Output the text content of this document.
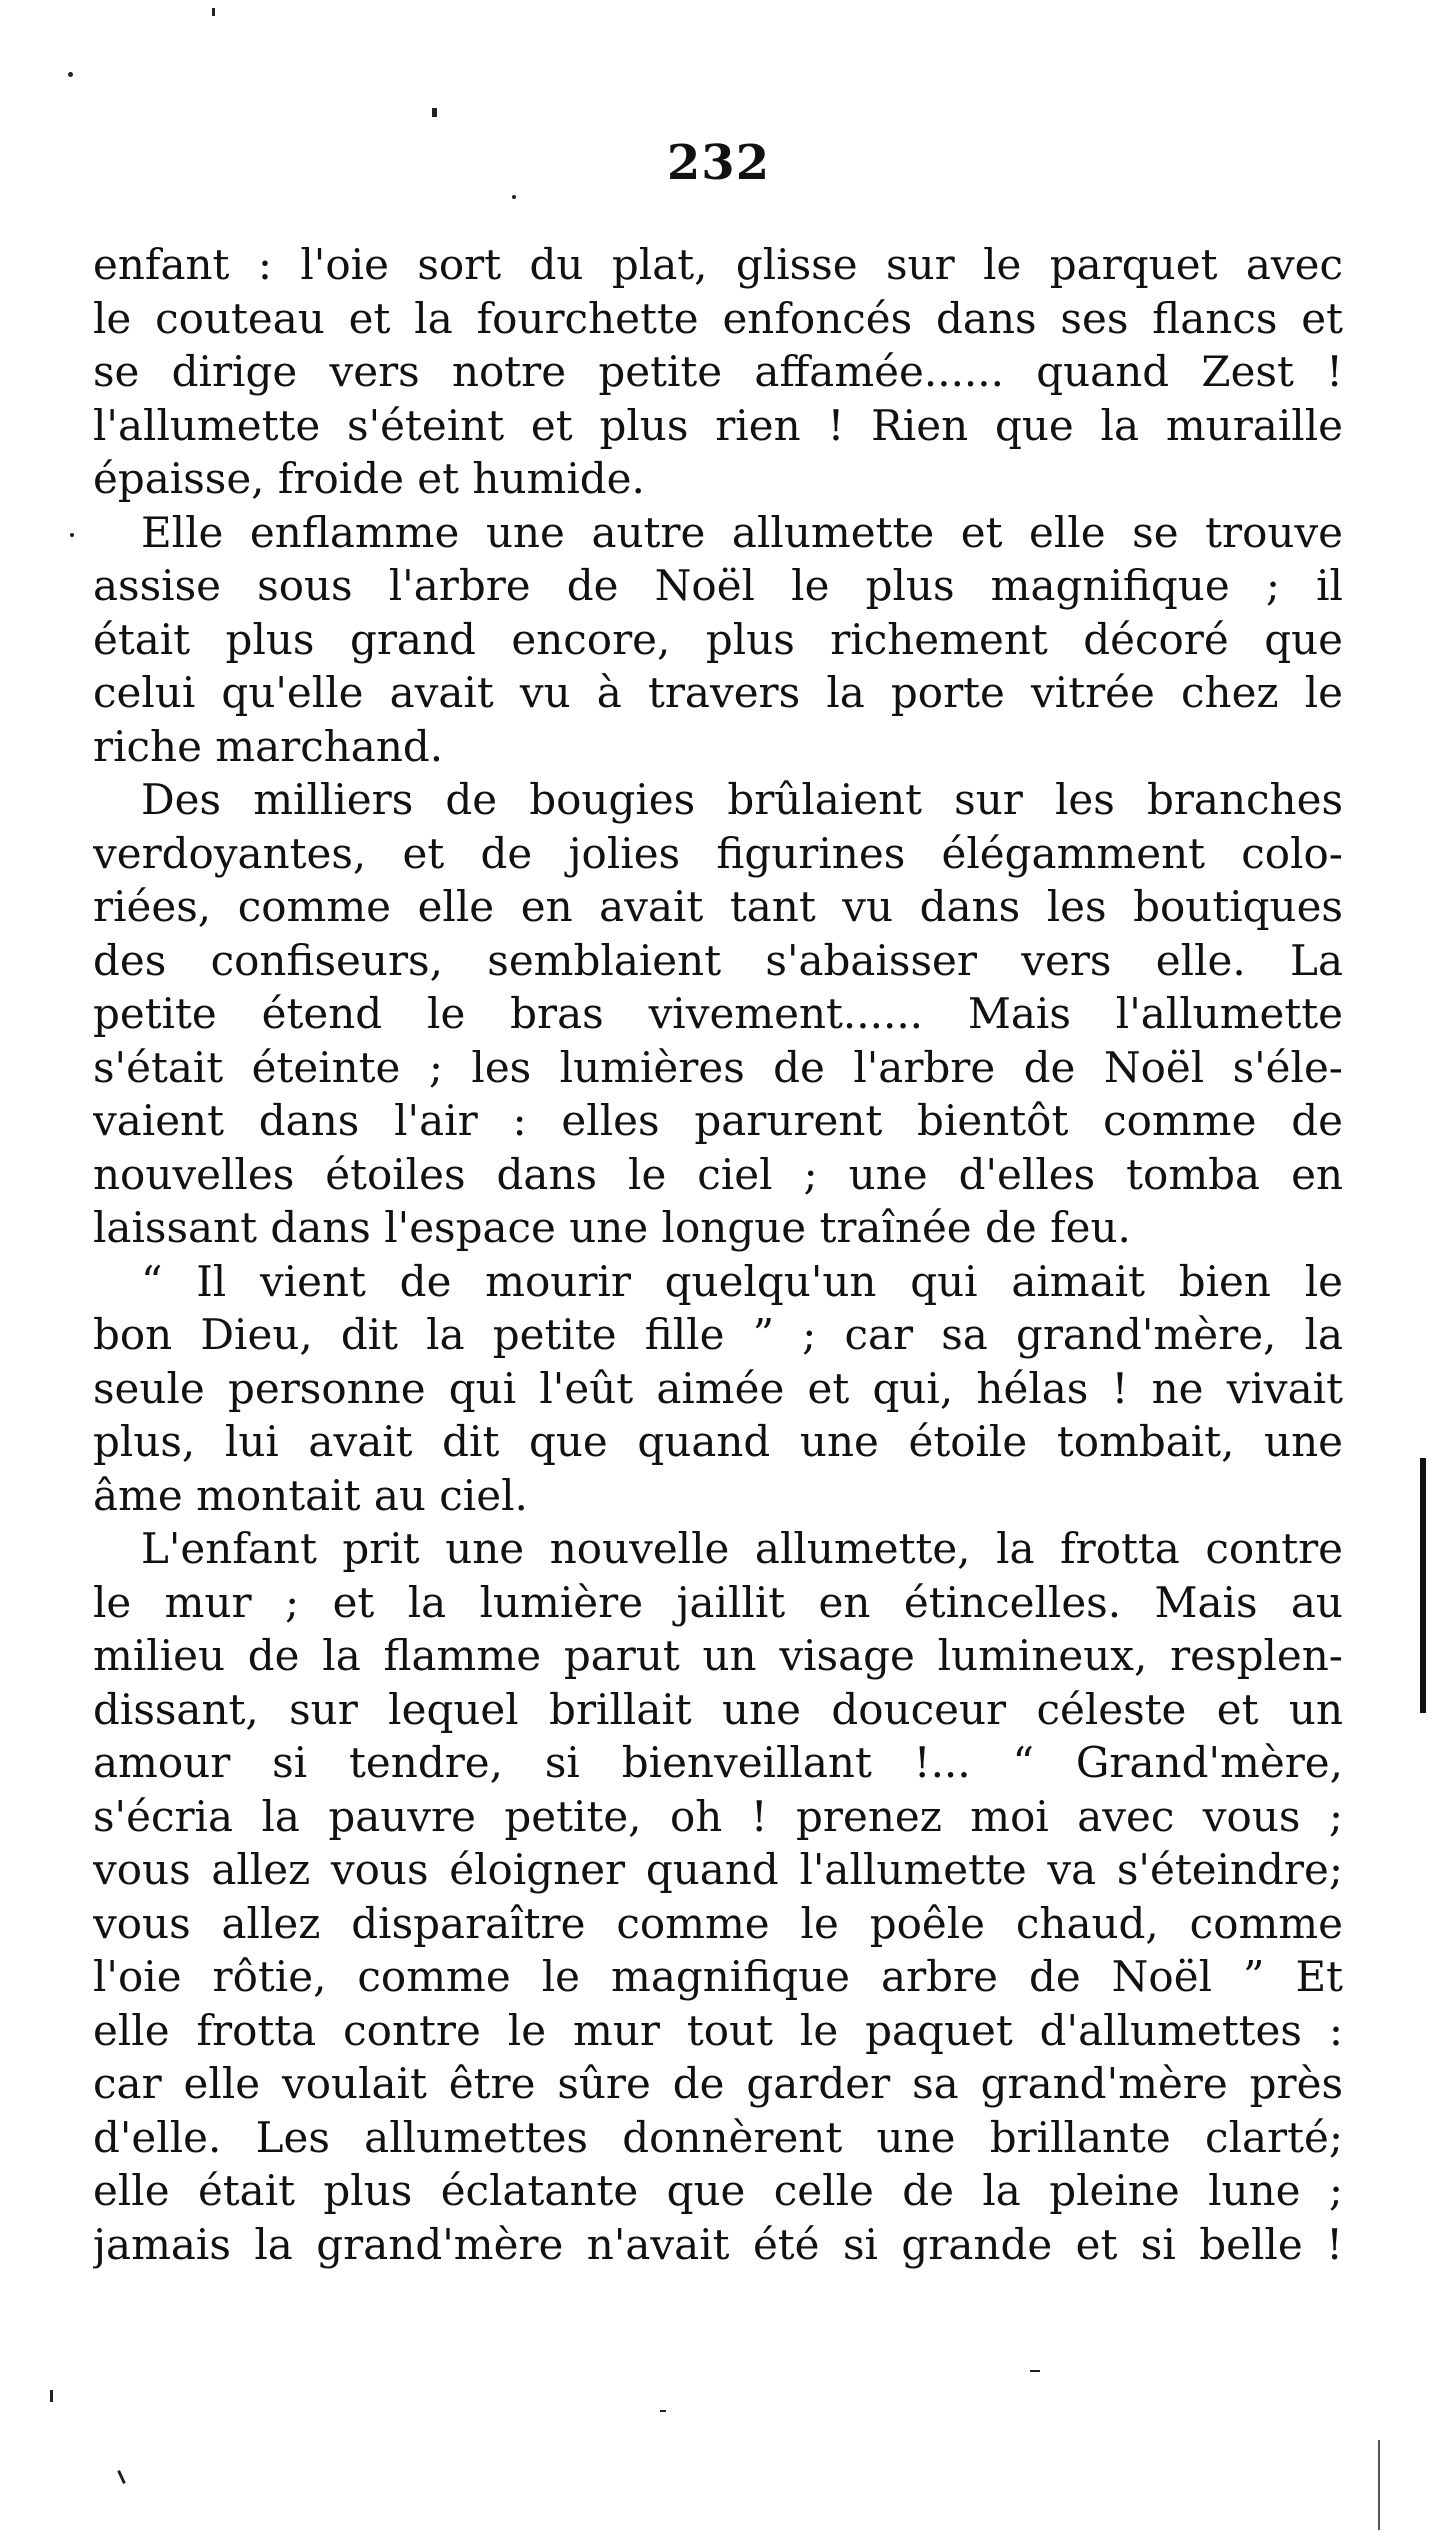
232
enfant : l'oie sort du plat, glisse sur le parquet avec
le couteau et la fourchette enfoncés dans ses flancs et
se dirige vers notre petite affamée...... quand Zest !
l'allumette s'éteint et plus rien ! Rien que la muraille
épaisse, froide et humide.
Elle enflamme une autre allumette et elle se trouve
assise sous l'arbre de Noël le plus magnifique ; il
était plus grand encore, plus richement décoré que
celui qu'elle avait vu à travers la porte vitrée chez le
riche marchand.
Des milliers de bougies brûlaient sur les branches
verdoyantes, et de jolies figurines élégamment colo-
riées, comme elle en avait tant vu dans les boutiques
des confiseurs, semblaient s'abaisser vers elle. La
petite étend le bras vivement...... Mais l'allumette
s'était éteinte ; les lumières de l'arbre de Noël s'éle-
vaient dans l'air : elles parurent bientôt comme de
nouvelles étoiles dans le ciel ; une d'elles tomba en
laissant dans l'espace une longue traînée de feu.
“ Il vient de mourir quelqu'un qui aimait bien le
bon Dieu, dit la petite fille ” ; car sa grand'mère, la
seule personne qui l'eût aimée et qui, hélas ! ne vivait
plus, lui avait dit que quand une étoile tombait, une
âme montait au ciel.
L'enfant prit une nouvelle allumette, la frotta contre
le mur ; et la lumière jaillit en étincelles. Mais au
milieu de la flamme parut un visage lumineux, resplen-
dissant, sur lequel brillait une douceur céleste et un
amour si tendre, si bienveillant !... “ Grand'mère,
s'écria la pauvre petite, oh ! prenez moi avec vous ;
vous allez vous éloigner quand l'allumette va s'éteindre;
vous allez disparaître comme le poêle chaud, comme
l'oie rôtie, comme le magnifique arbre de Noël ” Et
elle frotta contre le mur tout le paquet d'allumettes :
car elle voulait être sûre de garder sa grand'mère près
d'elle. Les allumettes donnèrent une brillante clarté;
elle était plus éclatante que celle de la pleine lune ;
jamais la grand'mère n'avait été si grande et si belle !
